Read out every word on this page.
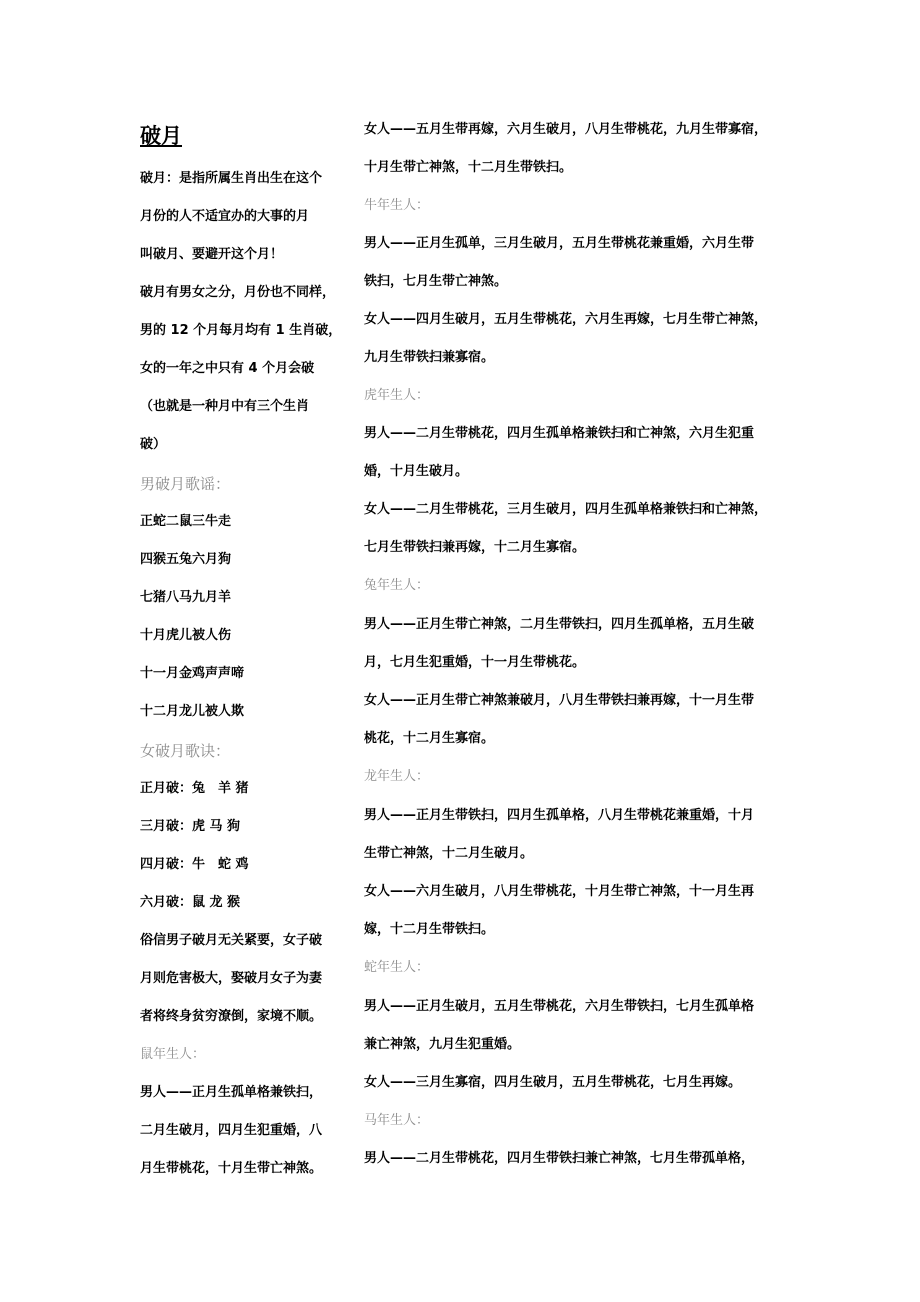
破月
破月：是指所属生肖出生在这个
月份的人不适宜办的大事的月
叫破月、要避开这个月！
破月有男女之分，月份也不同样，
男的 12 个月每月均有 1 生肖破，
女的一年之中只有 4 个月会破
（也就是一种月中有三个生肖
破）
男破月歌谣：
正蛇二鼠三牛走
四猴五兔六月狗
七猪八马九月羊
十月虎儿被人伤
十一月金鸡声声啼
十二月龙儿被人欺
女破月歌诀：
正月破：兔　羊 猪
三月破：虎 马 狗
四月破：牛　蛇 鸡
六月破：鼠 龙 猴
俗信男子破月无关紧要，女子破
月则危害极大，娶破月女子为妻
者将终身贫穷潦倒，家境不顺。
鼠年生人：
男人——正月生孤单格兼铁扫，
二月生破月，四月生犯重婚，八
月生带桃花，十月生带亡神煞。
女人——五月生带再嫁，六月生破月，八月生带桃花，九月生带寡宿，
十月生带亡神煞，十二月生带铁扫。
牛年生人：
男人——正月生孤单，三月生破月，五月生带桃花兼重婚，六月生带
铁扫，七月生带亡神煞。
女人——四月生破月，五月生带桃花，六月生再嫁，七月生带亡神煞，
九月生带铁扫兼寡宿。
虎年生人：
男人——二月生带桃花，四月生孤单格兼铁扫和亡神煞，六月生犯重
婚，十月生破月。
女人——二月生带桃花，三月生破月，四月生孤单格兼铁扫和亡神煞，
七月生带铁扫兼再嫁，十二月生寡宿。
兔年生人：
男人——正月生带亡神煞，二月生带铁扫，四月生孤单格，五月生破
月，七月生犯重婚，十一月生带桃花。
女人——正月生带亡神煞兼破月，八月生带铁扫兼再嫁，十一月生带
桃花，十二月生寡宿。
龙年生人：
男人——正月生带铁扫，四月生孤单格，八月生带桃花兼重婚，十月
生带亡神煞，十二月生破月。
女人——六月生破月，八月生带桃花，十月生带亡神煞，十一月生再
嫁，十二月生带铁扫。
蛇年生人：
男人——正月生破月，五月生带桃花，六月生带铁扫，七月生孤单格
兼亡神煞，九月生犯重婚。
女人——三月生寡宿，四月生破月，五月生带桃花，七月生再嫁。
马年生人：
男人——二月生带桃花，四月生带铁扫兼亡神煞，七月生带孤单格，
